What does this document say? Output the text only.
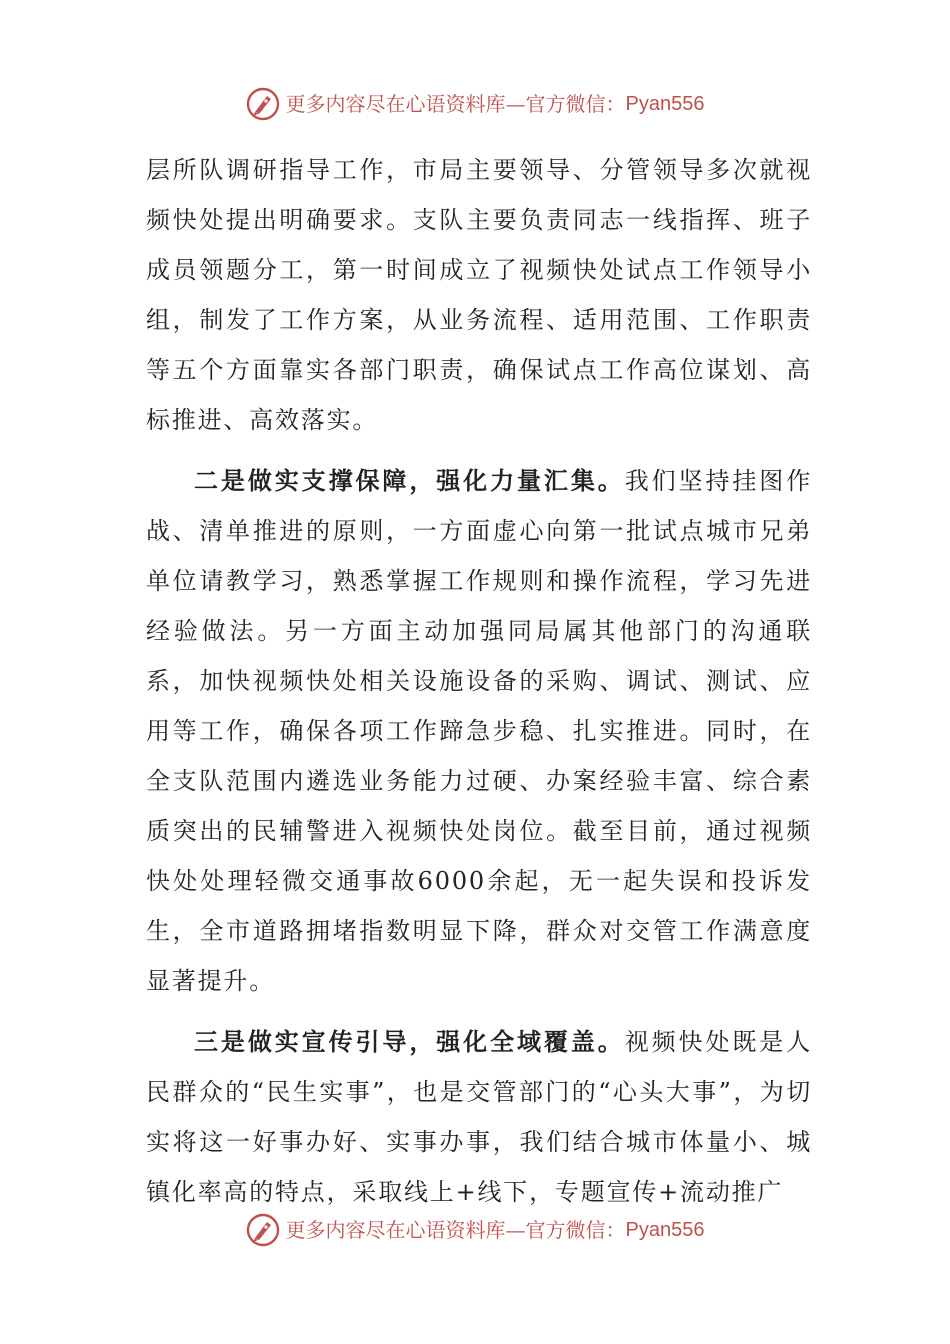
更多内容尽在心语资料库—官方微信： Pyan556

层所队调研指导工作，市局主要领导、分管领导多次就视频快处提出明确要求。支队主要负责同志一线指挥、班子成员领题分工，第一时间成立了视频快处试点工作领导小组，制发了工作方案，从业务流程、适用范围、工作职责等五个方面靠实各部门职责，确保试点工作高位谋划、高标推进、高效落实。

二是做实支撑保障，强化力量汇集。我们坚持挂图作战、清单推进的原则，一方面虚心向第一批试点城市兄弟单位请教学习，熟悉掌握工作规则和操作流程，学习先进经验做法。另一方面主动加强同局属其他部门的沟通联系，加快视频快处相关设施设备的采购、调试、测试、应用等工作，确保各项工作蹄急步稳、扎实推进。同时，在全支队范围内遴选业务能力过硬、办案经验丰富、综合素质突出的民辅警进入视频快处岗位。截至目前，通过视频快处处理轻微交通事故6000余起，无一起失误和投诉发生，全市道路拥堵指数明显下降，群众对交管工作满意度显著提升。

三是做实宣传引导，强化全域覆盖。视频快处既是人民群众的“民生实事”，也是交管部门的“心头大事”，为切实将这一好事办好、实事办事，我们结合城市体量小、城镇化率高的特点，采取线上+线下，专题宣传+流动推广

更多内容尽在心语资料库—官方微信： Pyan556
